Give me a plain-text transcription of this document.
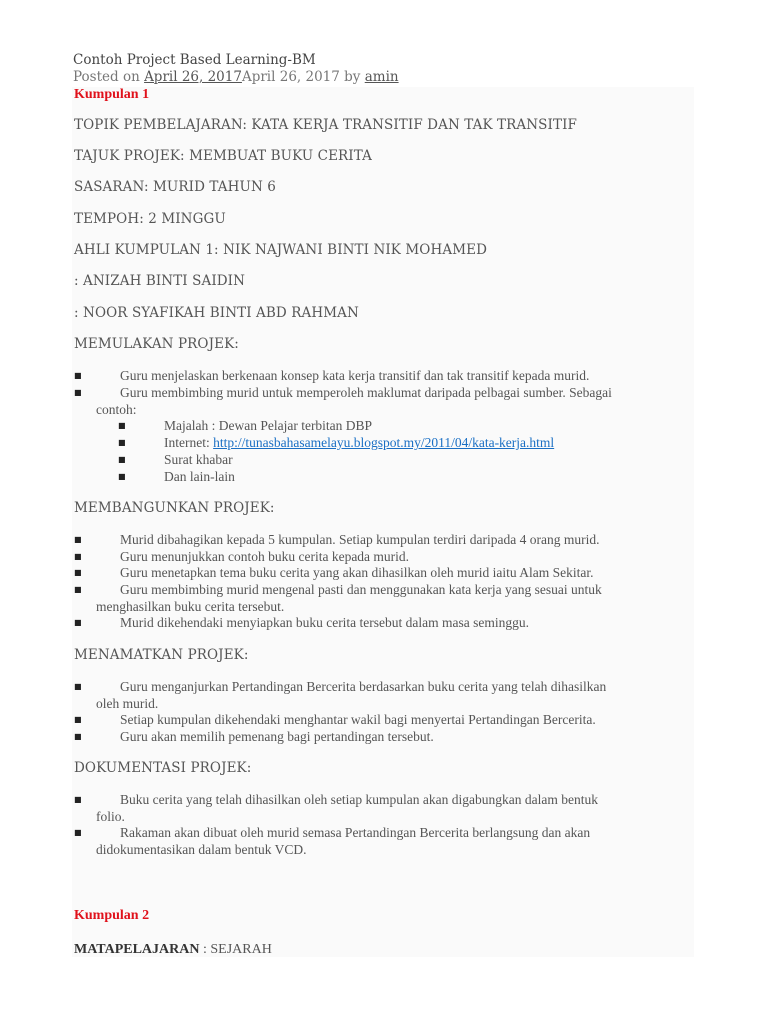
Contoh Project Based Learning-BM
Posted on April 26, 2017April 26, 2017 by amin
Kumpulan 1
TOPIK PEMBELAJARAN: KATA KERJA TRANSITIF DAN TAK TRANSITIF
TAJUK PROJEK: MEMBUAT BUKU CERITA
SASARAN: MURID TAHUN 6
TEMPOH: 2 MINGGU
AHLI KUMPULAN 1: NIK NAJWANI BINTI NIK MOHAMED
: ANIZAH BINTI SAIDIN
: NOOR SYAFIKAH BINTI ABD RAHMAN
MEMULAKAN PROJEK:
■	Guru menjelaskan berkenaan konsep kata kerja transitif dan tak transitif kepada murid.
■	Guru membimbing murid untuk memperoleh maklumat daripada pelbagai sumber. Sebagai
contoh:
■	Majalah : Dewan Pelajar terbitan DBP
■	Internet: http://tunasbahasamelayu.blogspot.my/2011/04/kata-kerja.html
■	Surat khabar
■	Dan lain-lain
MEMBANGUNKAN PROJEK:
■	Murid dibahagikan kepada 5 kumpulan. Setiap kumpulan terdiri daripada 4 orang murid.
■	Guru menunjukkan contoh buku cerita kepada murid.
■	Guru menetapkan tema buku cerita yang akan dihasilkan oleh murid iaitu Alam Sekitar.
■	Guru membimbing murid mengenal pasti dan menggunakan kata kerja yang sesuai untuk
menghasilkan buku cerita tersebut.
■	Murid dikehendaki menyiapkan buku cerita tersebut dalam masa seminggu.
MENAMATKAN PROJEK:
■	Guru menganjurkan Pertandingan Bercerita berdasarkan buku cerita yang telah dihasilkan
oleh murid.
■	Setiap kumpulan dikehendaki menghantar wakil bagi menyertai Pertandingan Bercerita.
■	Guru akan memilih pemenang bagi pertandingan tersebut.
DOKUMENTASI PROJEK:
■	Buku cerita yang telah dihasilkan oleh setiap kumpulan akan digabungkan dalam bentuk
folio.
■	Rakaman akan dibuat oleh murid semasa Pertandingan Bercerita berlangsung dan akan
didokumentasikan dalam bentuk VCD.
Kumpulan 2
MATAPELAJARAN : SEJARAH
